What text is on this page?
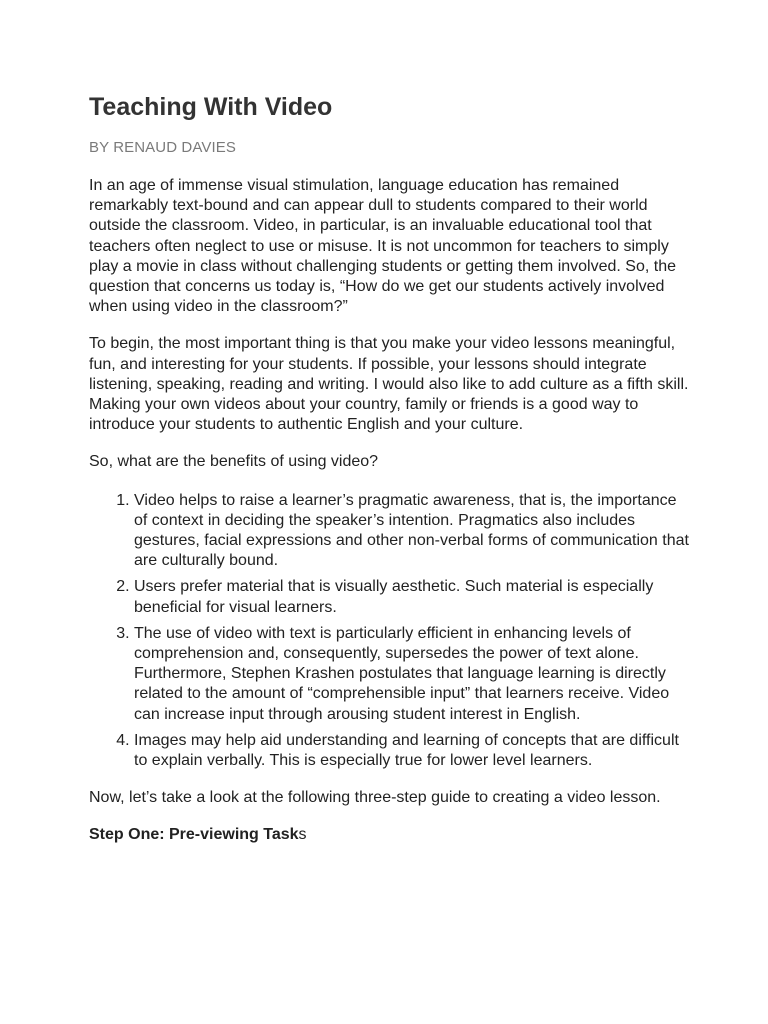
Teaching With Video
BY RENAUD DAVIES

In an age of immense visual stimulation, language education has remained remarkably text-bound and can appear dull to students compared to their world outside the classroom. Video, in particular, is an invaluable educational tool that teachers often neglect to use or misuse. It is not uncommon for teachers to simply play a movie in class without challenging students or getting them involved. So, the question that concerns us today is, “How do we get our students actively involved when using video in the classroom?”

To begin, the most important thing is that you make your video lessons meaningful, fun, and interesting for your students. If possible, your lessons should integrate listening, speaking, reading and writing. I would also like to add culture as a fifth skill. Making your own videos about your country, family or friends is a good way to introduce your students to authentic English and your culture.

So, what are the benefits of using video?

1. Video helps to raise a learner’s pragmatic awareness, that is, the importance of context in deciding the speaker’s intention. Pragmatics also includes gestures, facial expressions and other non-verbal forms of communication that are culturally bound.
2. Users prefer material that is visually aesthetic. Such material is especially beneficial for visual learners.
3. The use of video with text is particularly efficient in enhancing levels of comprehension and, consequently, supersedes the power of text alone. Furthermore, Stephen Krashen postulates that language learning is directly related to the amount of “comprehensible input” that learners receive. Video can increase input through arousing student interest in English.
4. Images may help aid understanding and learning of concepts that are difficult to explain verbally. This is especially true for lower level learners.

Now, let’s take a look at the following three-step guide to creating a video lesson.

Step One: Pre-viewing Tasks
